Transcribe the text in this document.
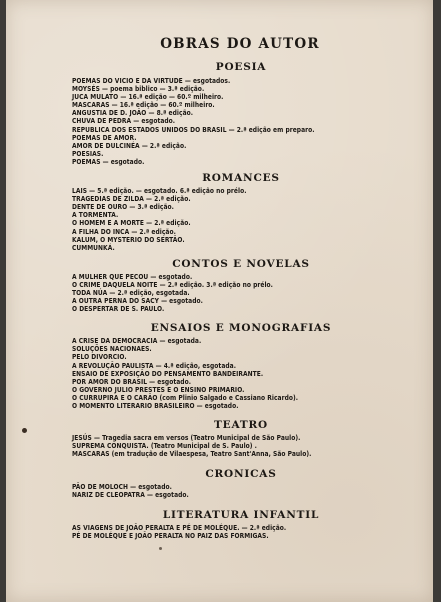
OBRAS DO AUTOR
POESIA
POEMAS DO VICIO E DA VIRTUDE — esgotados.
MOYSÉS — poema biblico — 3.ª edição.
JUCA MULATO — 16.ª edição — 60.º milheiro.
MASCARAS — 16.ª edição — 60.º milheiro.
ANGUSTIA DE D. JOÃO — 8.ª edição.
CHUVA DE PEDRA — esgotado.
REPUBLICA DOS ESTADOS UNIDOS DO BRASIL — 2.ª edição em preparo.
POEMAS DE AMOR.
AMOR DE DULCINÉA — 2.ª edição.
POESIAS.
POEMAS — esgotado.
ROMANCES
LAIS — 5.ª edição. — esgotado. 6.ª edição no prélo.
TRAGEDIAS DE ZILDA — 2.ª edição.
DENTE DE OURO — 3.ª edição.
A TORMENTA.
O HOMEM E A MORTE — 2.ª edição.
A FILHA DO INCA — 2.ª edição.
KALUM, O MYSTERIO DO SERTÃO.
CUMMUNKÁ.
CONTOS E NOVELAS
A MULHER QUE PECOU — esgotado.
O CRIME DAQUELA NOITE — 2.ª edição. 3.ª edição no prélo.
TODA NÚA — 2.ª edição, esgotada.
A OUTRA PERNA DO SACY — esgotado.
O DESPERTAR DE S. PAULO.
ENSAIOS E MONOGRAFIAS
A CRISE DA DEMOCRACIA — esgotada.
SOLUÇÕES NACIONAES.
PELO DIVORCIO.
A REVOLUÇÃO PAULISTA — 4.ª edição, esgotada.
ENSAIO DE EXPOSIÇÃO DO PENSAMENTO BANDEIRANTE.
POR AMOR DO BRASIL — esgotado.
O GOVERNO JULIO PRESTES E O ENSINO PRIMARIO.
O CURRUPIRA E O CARÃO (com Plinio Salgado e Cassiano Ricardo).
O MOMENTO LITERARIO BRASILEIRO — esgotado.
TEATRO
JESÚS — Tragedia sacra em versos (Teatro Municipal de São Paulo).
SUPREMA CONQUISTA. (Teatro Municipal de S. Paulo) .
MASCARAS (em tradução de Vilaespesa, Teatro Sant'Anna, São Paulo).
CRONICAS
PÃO DE MOLOCH — esgotado.
NARIZ DE CLEOPATRA — esgotado.
LITERATURA INFANTIL
AS VIAGENS DE JOÃO PERALTA E PÉ DE MOLÉQUE. — 2.ª edição.
PÉ DE MOLÉQUE E JOÃO PERALTA NO PAIZ DAS FORMIGAS.
